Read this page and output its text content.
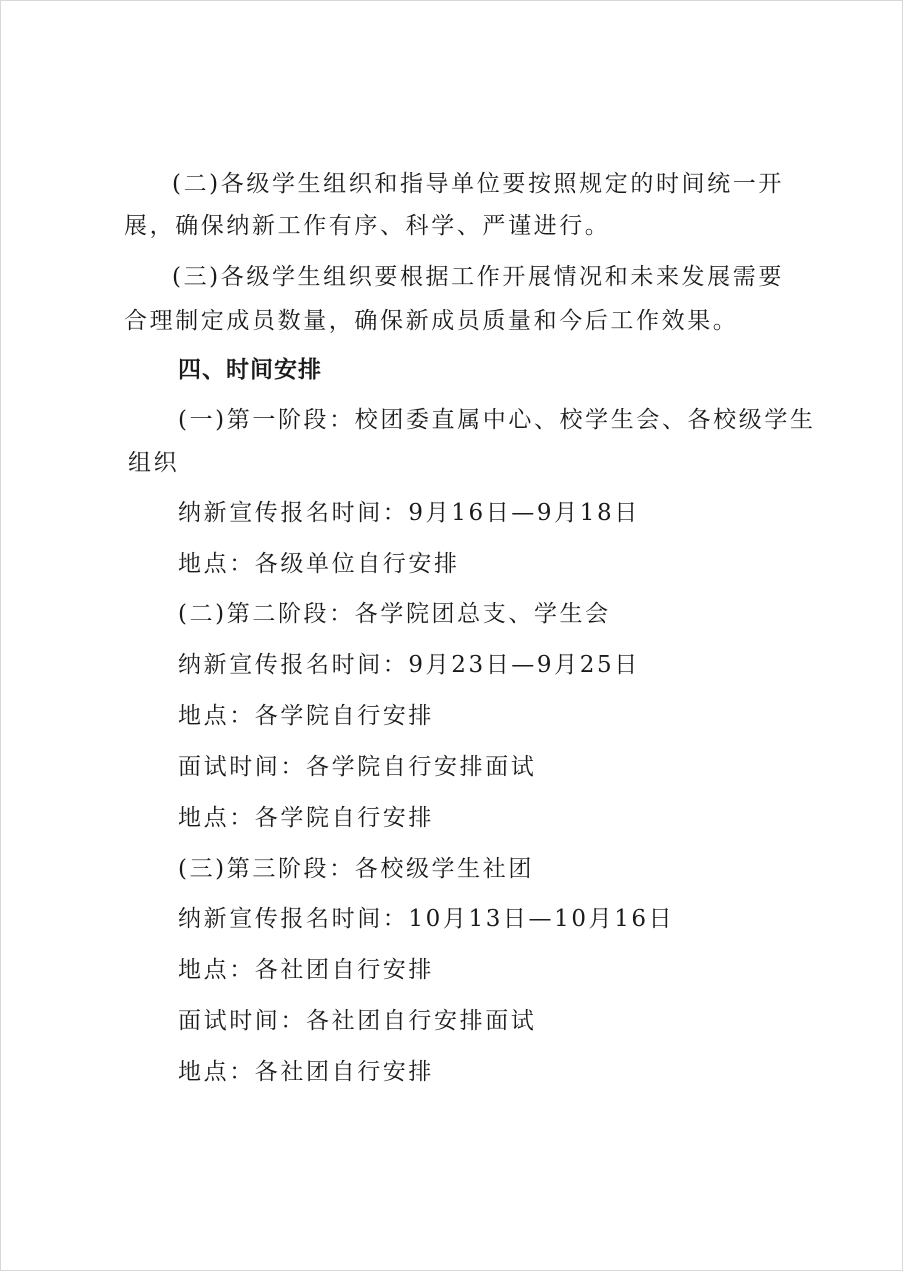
(二)各级学生组织和指导单位要按照规定的时间统一开
展，确保纳新工作有序、科学、严谨进行。
(三)各级学生组织要根据工作开展情况和未来发展需要
合理制定成员数量，确保新成员质量和今后工作效果。
四、时间安排
(一)第一阶段：校团委直属中心、校学生会、各校级学生
组织
纳新宣传报名时间：9月16日—9月18日
地点：各级单位自行安排
(二)第二阶段：各学院团总支、学生会
纳新宣传报名时间：9月23日—9月25日
地点：各学院自行安排
面试时间：各学院自行安排面试
地点：各学院自行安排
(三)第三阶段：各校级学生社团
纳新宣传报名时间：10月13日—10月16日
地点：各社团自行安排
面试时间：各社团自行安排面试
地点：各社团自行安排
